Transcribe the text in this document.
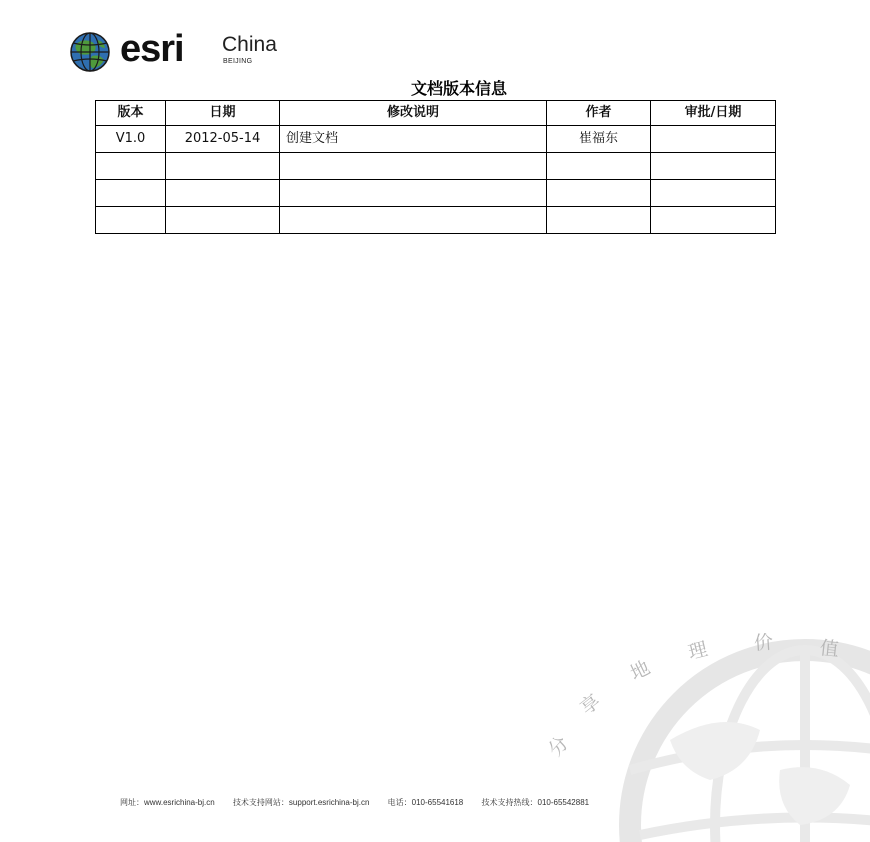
esri China
BEIJING
文档版本信息
版本	日期	修改说明	作者	审批/日期
V1.0	2012-05-14	创建文档	崔福东	

分
享
地
理 价 值
网址：www.esrichina-bj.cn 技术支持网站：support.esrichina-bj.cn 电话：010-65541618 技术支持热线：010-65542881
